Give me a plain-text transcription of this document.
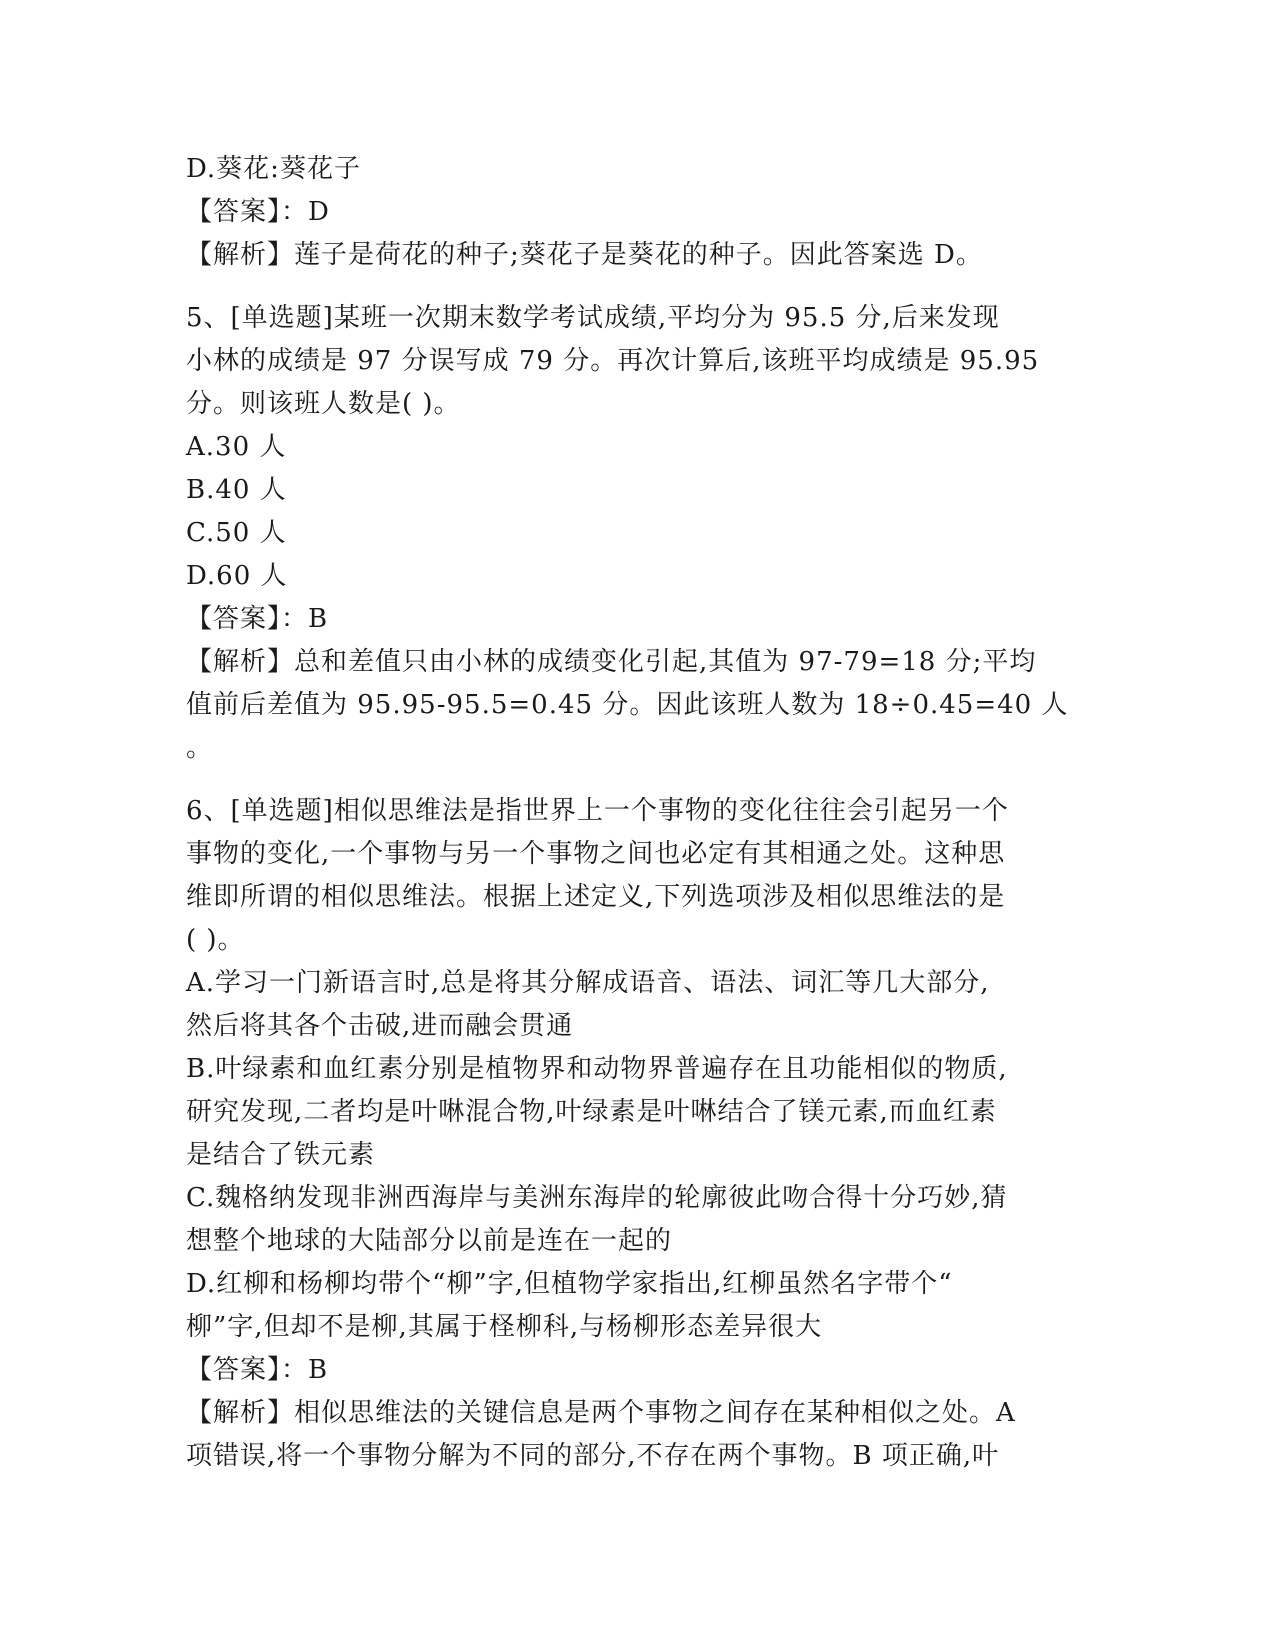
D.葵花:葵花子
【答案】：D
【解析】莲子是荷花的种子;葵花子是葵花的种子。因此答案选 D。
5、[单选题]某班一次期末数学考试成绩,平均分为 95.5 分,后来发现
小林的成绩是 97 分误写成 79 分。再次计算后,该班平均成绩是 95.95
分。则该班人数是( )。
A.30 人
B.40 人
C.50 人
D.60 人
【答案】：B
【解析】总和差值只由小林的成绩变化引起,其值为 97-79=18 分;平均
值前后差值为 95.95-95.5=0.45 分。因此该班人数为 18÷0.45=40 人
。
6、[单选题]相似思维法是指世界上一个事物的变化往往会引起另一个
事物的变化,一个事物与另一个事物之间也必定有其相通之处。这种思
维即所谓的相似思维法。根据上述定义,下列选项涉及相似思维法的是
( )。
A.学习一门新语言时,总是将其分解成语音、语法、词汇等几大部分,
然后将其各个击破,进而融会贯通
B.叶绿素和血红素分别是植物界和动物界普遍存在且功能相似的物质,
研究发现,二者均是叶啉混合物,叶绿素是叶啉结合了镁元素,而血红素
是结合了铁元素
C.魏格纳发现非洲西海岸与美洲东海岸的轮廓彼此吻合得十分巧妙,猜
想整个地球的大陆部分以前是连在一起的
D.红柳和杨柳均带个“柳”字,但植物学家指出,红柳虽然名字带个“
柳”字,但却不是柳,其属于柽柳科,与杨柳形态差异很大
【答案】：B
【解析】相似思维法的关键信息是两个事物之间存在某种相似之处。A
项错误,将一个事物分解为不同的部分,不存在两个事物。B 项正确,叶
